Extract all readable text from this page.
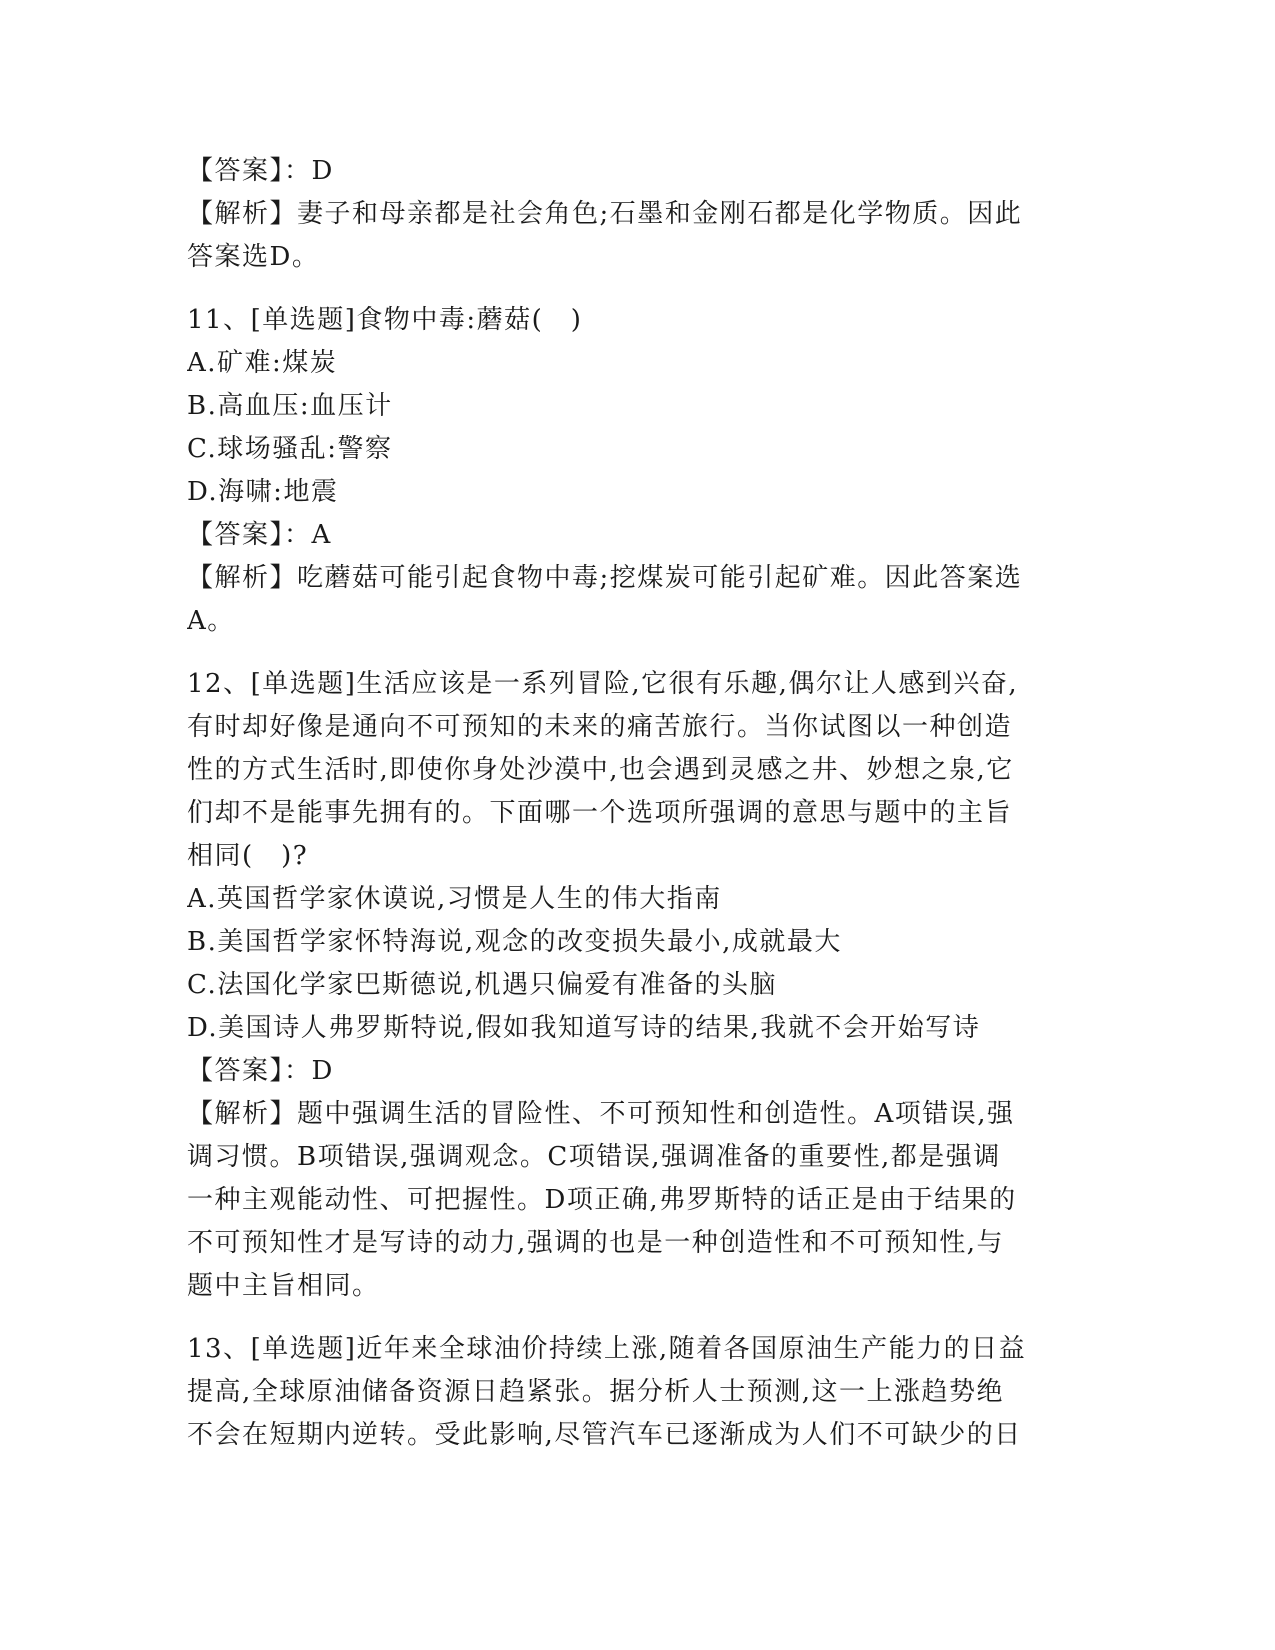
【答案】：D
【解析】妻子和母亲都是社会角色;石墨和金刚石都是化学物质。因此
答案选D。
11、[单选题]食物中毒:蘑菇(　)
A.矿难:煤炭
B.高血压:血压计
C.球场骚乱:警察
D.海啸:地震
【答案】：A
【解析】吃蘑菇可能引起食物中毒;挖煤炭可能引起矿难。因此答案选
A。
12、[单选题]生活应该是一系列冒险,它很有乐趣,偶尔让人感到兴奋,
有时却好像是通向不可预知的未来的痛苦旅行。当你试图以一种创造
性的方式生活时,即使你身处沙漠中,也会遇到灵感之井、妙想之泉,它
们却不是能事先拥有的。下面哪一个选项所强调的意思与题中的主旨
相同(　)?
A.英国哲学家休谟说,习惯是人生的伟大指南
B.美国哲学家怀特海说,观念的改变损失最小,成就最大
C.法国化学家巴斯德说,机遇只偏爱有准备的头脑
D.美国诗人弗罗斯特说,假如我知道写诗的结果,我就不会开始写诗
【答案】：D
【解析】题中强调生活的冒险性、不可预知性和创造性。A项错误,强
调习惯。B项错误,强调观念。C项错误,强调准备的重要性,都是强调
一种主观能动性、可把握性。D项正确,弗罗斯特的话正是由于结果的
不可预知性才是写诗的动力,强调的也是一种创造性和不可预知性,与
题中主旨相同。
13、[单选题]近年来全球油价持续上涨,随着各国原油生产能力的日益
提高,全球原油储备资源日趋紧张。据分析人士预测,这一上涨趋势绝
不会在短期内逆转。受此影响,尽管汽车已逐渐成为人们不可缺少的日
